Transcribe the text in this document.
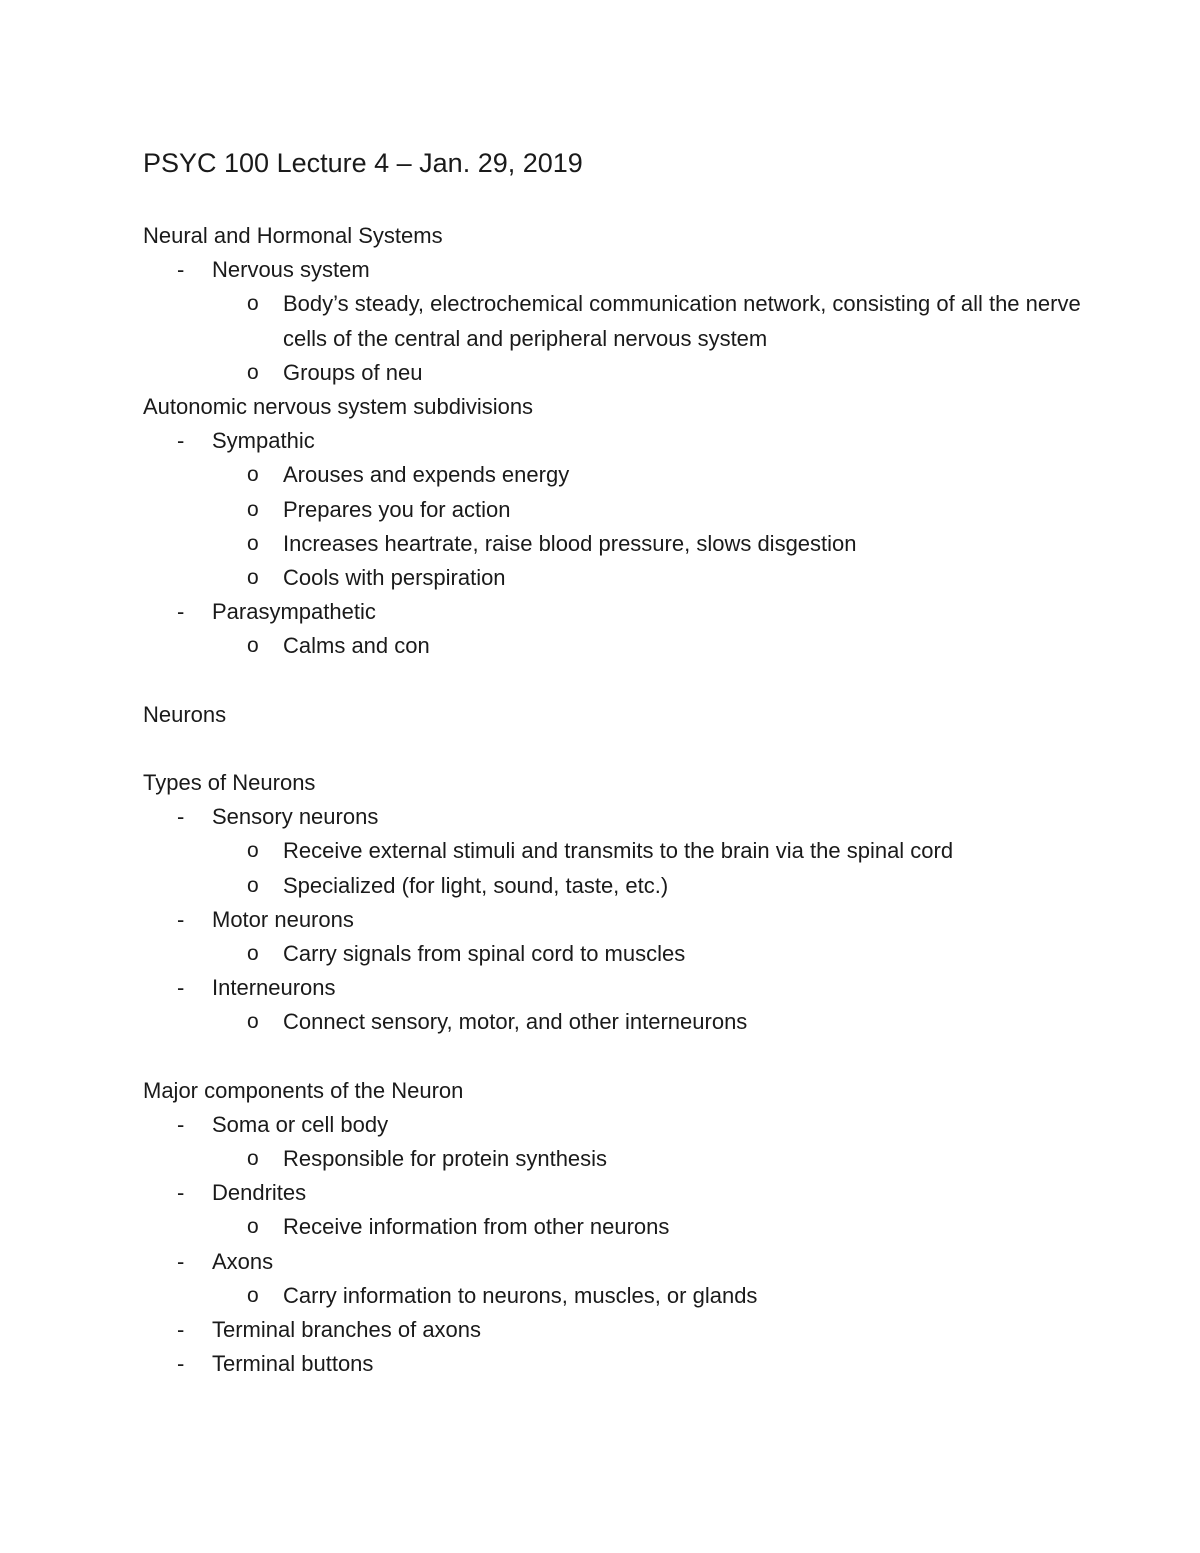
PSYC 100 Lecture 4 – Jan. 29, 2019
Neural and Hormonal Systems
- Nervous system
o Body’s steady, electrochemical communication network, consisting of all the nerve cells of the central and peripheral nervous system
o Groups of neu
Autonomic nervous system subdivisions
- Sympathic
o Arouses and expends energy
o Prepares you for action
o Increases heartrate, raise blood pressure, slows disgestion
o Cools with perspiration
- Parasympathetic
o Calms and con
Neurons
Types of Neurons
- Sensory neurons
o Receive external stimuli and transmits to the brain via the spinal cord
o Specialized (for light, sound, taste, etc.)
- Motor neurons
o Carry signals from spinal cord to muscles
- Interneurons
o Connect sensory, motor, and other interneurons
Major components of the Neuron
- Soma or cell body
o Responsible for protein synthesis
- Dendrites
o Receive information from other neurons
- Axons
o Carry information to neurons, muscles, or glands
- Terminal branches of axons
- Terminal buttons
